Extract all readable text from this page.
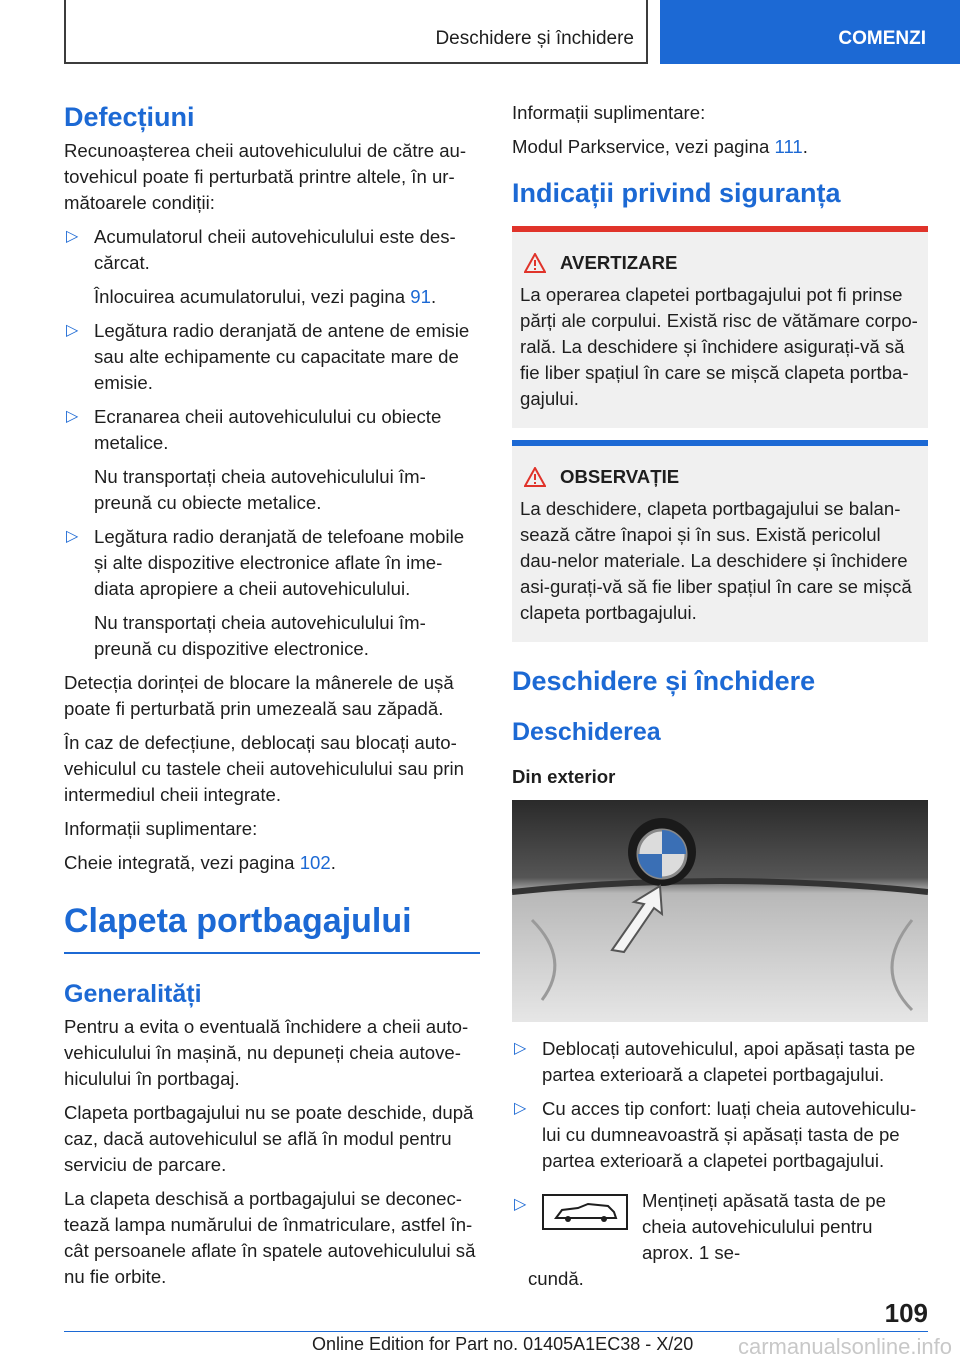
Deschidere și închidere	COMENZI
Defecțiuni

Recunoașterea cheii autovehiculului de către au-tovehicul poate fi perturbată printre altele, în ur-mătoarele condiții:

▷ Acumulatorul cheii autovehiculului este des-cărcat.

Înlocuirea acumulatorului, vezi pagina 91.

▷ Legătura radio deranjată de antene de emisie sau alte echipamente cu capacitate mare de emisie.

▷ Ecranarea cheii autovehiculului cu obiecte metalice.

Nu transportați cheia autovehiculului îm-preună cu obiecte metalice.

▷ Legătura radio deranjată de telefoane mobile și alte dispozitive electronice aflate în ime-diata apropiere a cheii autovehiculului.

Nu transportați cheia autovehiculului îm-preună cu dispozitive electronice.

Detecția dorinței de blocare la mânerele de ușă poate fi perturbată prin umezeală sau zăpadă.

În caz de defecțiune, deblocați sau blocați auto-vehiculul cu tastele cheii autovehiculului sau prin intermediul cheii integrate.

Informații suplimentare:

Cheie integrată, vezi pagina 102.

Clapeta portbagajului
Generalități

Pentru a evita o eventuală închidere a cheii auto-vehiculului în mașină, nu depuneți cheia autove-hiculului în portbagaj.

Clapeta portbagajului nu se poate deschide, după caz, dacă autovehiculul se află în modul pentru serviciu de parcare.

La clapeta deschisă a portbagajului se deconec-tează lampa numărului de înmatriculare, astfel în-cât persoanele aflate în spatele autovehiculului să nu fie orbite.

Informații suplimentare:

Modul Parkservice, vezi pagina 111.

Indicații privind siguranța
AVERTIZARE

La operarea clapetei portbagajului pot fi prinse părți ale corpului. Există risc de vătămare corpo-rală. La deschidere și închidere asigurați-vă să fie liber spațiul în care se mișcă clapeta portba-gajului.

OBSERVAȚIE

La deschidere, clapeta portbagajului se balan-sează către înapoi și în sus. Există pericolul dau-nelor materiale. La deschidere și închidere asi-gurați-vă să fie liber spațiul în care se mișcă clapeta portbagajului.

Deschidere și închidere
Deschiderea

Din exterior

▷ Deblocați autovehiculul, apoi apăsați tasta pe partea exterioară a clapetei portbagajului.

▷ Cu acces tip confort: luați cheia autovehiculu-lui cu dumneavoastră și apăsați tasta de pe partea exterioară a clapetei portbagajului.

▷	Mențineți apăsată tasta de pe cheia autovehiculului pentru aprox. 1 se-

cundă.

109
Online Edition for Part no. 01405A1EC38 - X/20 carmanualsonline.info
